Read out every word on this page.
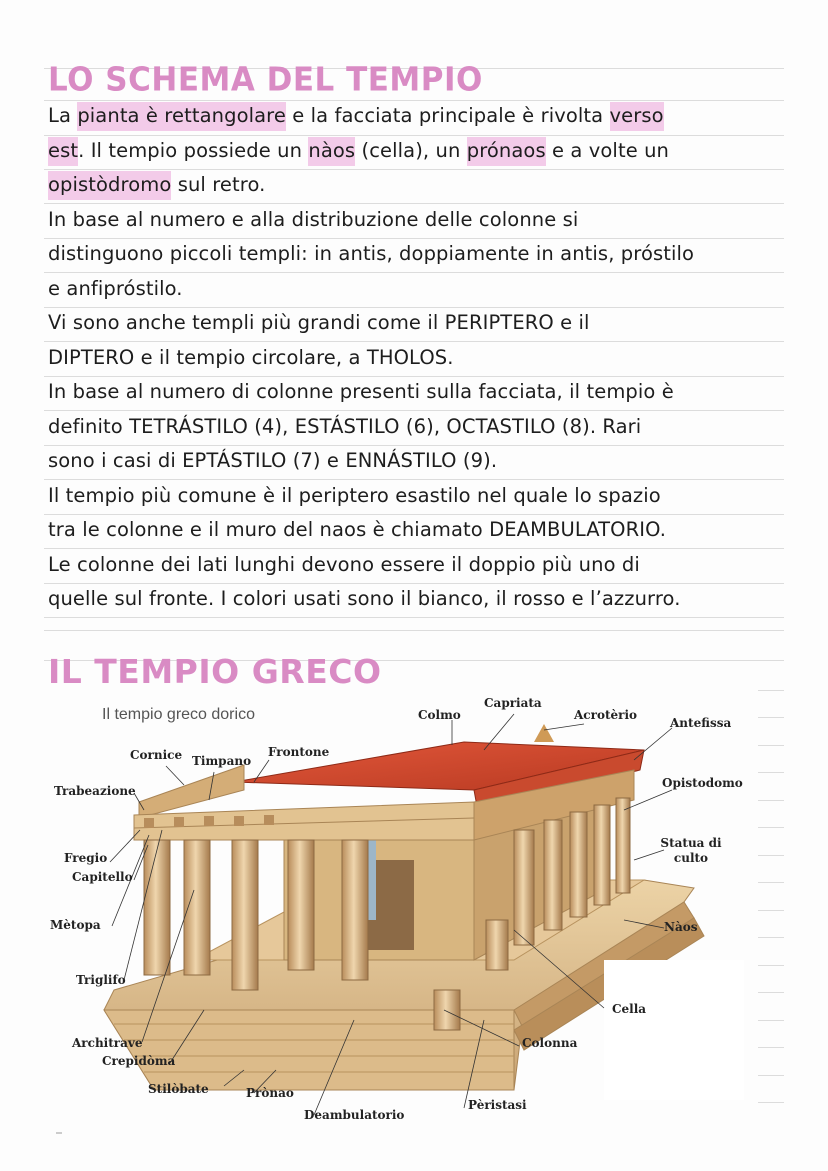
LO SCHEMA DEL TEMPIO
La pianta è rettangolare e la facciata principale è rivolta verso
est. Il tempio possiede un nàos (cella), un prónaos e a volte un
opistòdromo sul retro.
In base al numero e alla distribuzione delle colonne si
distinguono piccoli templi: in antis, doppiamente in antis, próstilo
e anfipróstilo.
Vi sono anche templi più grandi come il PERIPTERO e il
DIPTERO e il tempio circolare, a THOLOS.
In base al numero di colonne presenti sulla facciata, il tempio è
definito TETRÁSTILO (4), ESTÁSTILO (6), OCTASTILO (8). Rari
sono i casi di EPTÁSTILO (7) e ENNÁSTILO (9).
Il tempio più comune è il periptero esastilo nel quale lo spazio
tra le colonne e il muro del naos è chiamato DEAMBULATORIO.
Le colonne dei lati lunghi devono essere il doppio più uno di
quelle sul fronte. I colori usati sono il bianco, il rosso e l’azzurro.
IL TEMPIO GRECO
Il tempio greco dorico
Capriata
Colmo	Acrotèrio
Antefissa
Cornice Timpano
Frontone
Trabeazione
Opistodomo
Statua di culto
Fregio
Capitello
Mètopa	Nàos
Triglifo
Cella
Architrave
Crepidòma
Colonna
Stilòbate	Prònao
Pèristasi
Deambulatorio
